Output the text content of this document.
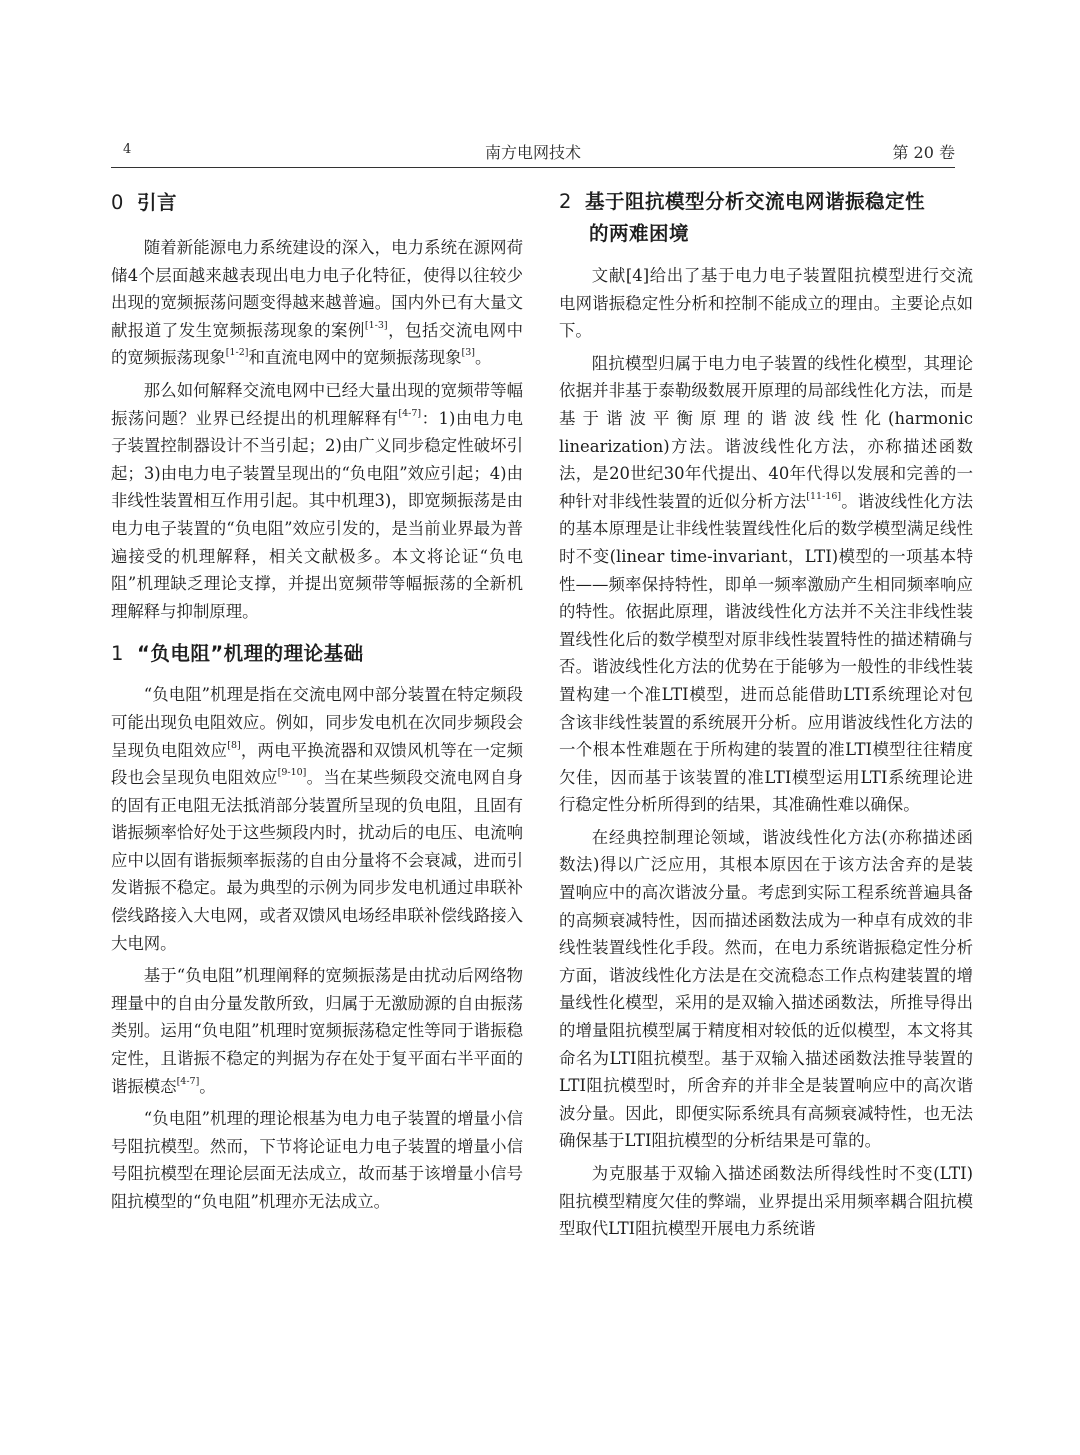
4	南方电网技术	第 20 卷
0 引言

随着新能源电力系统建设的深入，电力系统在源网荷储4个层面越来越表现出电力电子化特征，使得以往较少出现的宽频振荡问题变得越来越普遍。国内外已有大量文献报道了发生宽频振荡现象的案例[1-3]，包括交流电网中的宽频振荡现象[1-2]和直流电网中的宽频振荡现象[3]。

那么如何解释交流电网中已经大量出现的宽频带等幅振荡问题？业界已经提出的机理解释有[4-7]：1)由电力电子装置控制器设计不当引起；2)由广义同步稳定性破坏引起；3)由电力电子装置呈现出的“负电阻”效应引起；4)由非线性装置相互作用引起。其中机理3)，即宽频振荡是由电力电子装置的“负电阻”效应引发的，是当前业界最为普遍接受的机理解释，相关文献极多。本文将论证“负电阻”机理缺乏理论支撑，并提出宽频带等幅振荡的全新机理解释与抑制原理。

1 “负电阻”机理的理论基础

“负电阻”机理是指在交流电网中部分装置在特定频段可能出现负电阻效应。例如，同步发电机在次同步频段会呈现负电阻效应[8]，两电平换流器和双馈风机等在一定频段也会呈现负电阻效应[9-10]。当在某些频段交流电网自身的固有正电阻无法抵消部分装置所呈现的负电阻，且固有谐振频率恰好处于这些频段内时，扰动后的电压、电流响应中以固有谐振频率振荡的自由分量将不会衰减，进而引发谐振不稳定。最为典型的示例为同步发电机通过串联补偿线路接入大电网，或者双馈风电场经串联补偿线路接入大电网。

基于“负电阻”机理阐释的宽频振荡是由扰动后网络物理量中的自由分量发散所致，归属于无激励源的自由振荡类别。运用“负电阻”机理时宽频振荡稳定性等同于谐振稳定性，且谐振不稳定的判据为存在处于复平面右半平面的谐振模态[4-7]。

“负电阻”机理的理论根基为电力电子装置的增量小信号阻抗模型。然而，下节将论证电力电子装置的增量小信号阻抗模型在理论层面无法成立，故而基于该增量小信号阻抗模型的“负电阻”机理亦无法成立。

2 基于阻抗模型分析交流电网谐振稳定性
的两难困境

文献[4]给出了基于电力电子装置阻抗模型进行交流电网谐振稳定性分析和控制不能成立的理由。主要论点如下。

阻抗模型归属于电力电子装置的线性化模型，其理论依据并非基于泰勒级数展开原理的局部线性化方法，而是基于谐波平衡原理的谐波线性化(harmonic linearization)方法。谐波线性化方法，亦称描述函数法，是20世纪30年代提出、40年代得以发展和完善的一种针对非线性装置的近似分析方法[11-16]。谐波线性化方法的基本原理是让非线性装置线性化后的数学模型满足线性时不变(linear time-invariant，LTI)模型的一项基本特性——频率保持特性，即单一频率激励产生相同频率响应的特性。依据此原理，谐波线性化方法并不关注非线性装置线性化后的数学模型对原非线性装置特性的描述精确与否。谐波线性化方法的优势在于能够为一般性的非线性装置构建一个准LTI模型，进而总能借助LTI系统理论对包含该非线性装置的系统展开分析。应用谐波线性化方法的一个根本性难题在于所构建的装置的准LTI模型往往精度欠佳，因而基于该装置的准LTI模型运用LTI系统理论进行稳定性分析所得到的结果，其准确性难以确保。

在经典控制理论领域，谐波线性化方法(亦称描述函数法)得以广泛应用，其根本原因在于该方法舍弃的是装置响应中的高次谐波分量。考虑到实际工程系统普遍具备的高频衰减特性，因而描述函数法成为一种卓有成效的非线性装置线性化手段。然而，在电力系统谐振稳定性分析方面，谐波线性化方法是在交流稳态工作点构建装置的增量线性化模型，采用的是双输入描述函数法，所推导得出的增量阻抗模型属于精度相对较低的近似模型，本文将其命名为LTI阻抗模型。基于双输入描述函数法推导装置的LTI阻抗模型时，所舍弃的并非全是装置响应中的高次谐波分量。因此，即便实际系统具有高频衰减特性，也无法确保基于LTI阻抗模型的分析结果是可靠的。

为克服基于双输入描述函数法所得线性时不变(LTI)阻抗模型精度欠佳的弊端，业界提出采用频率耦合阻抗模型取代LTI阻抗模型开展电力系统谐
